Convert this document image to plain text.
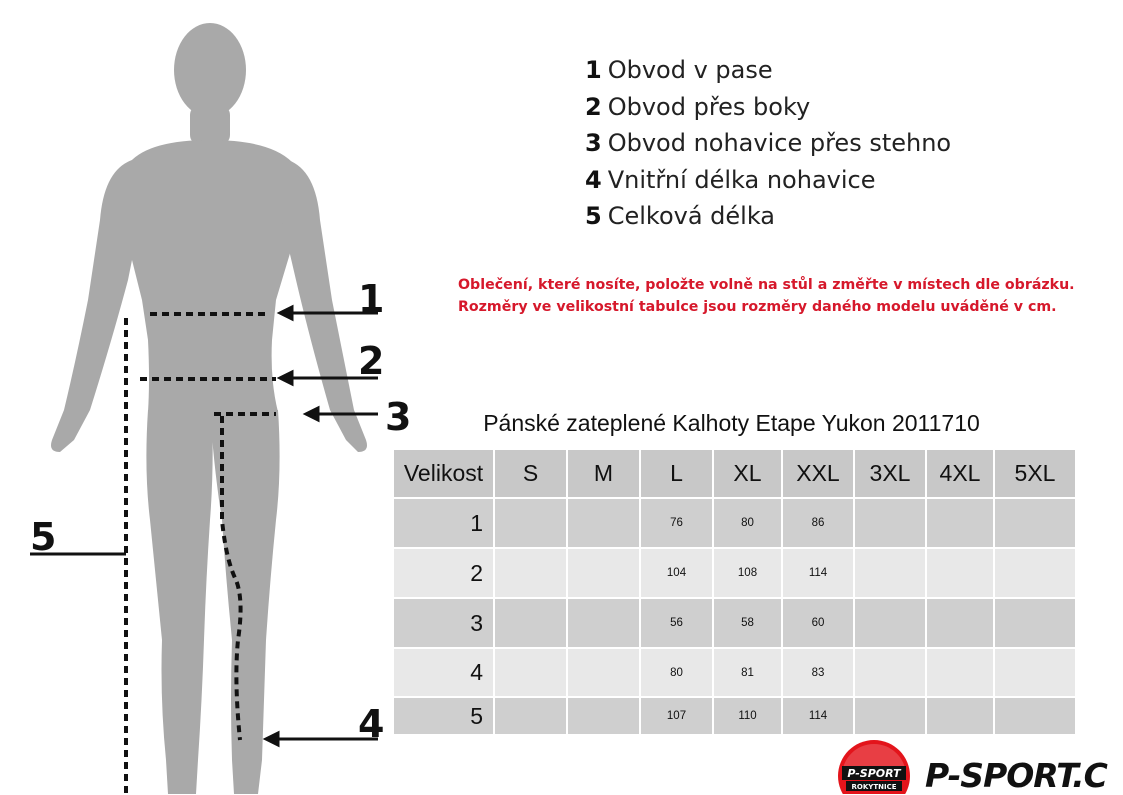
1
2
3
4
5
1 Obvod v pase
2 Obvod přes boky
3 Obvod nohavice přes stehno
4 Vnitřní délka nohavice
5 Celková délka
Oblečení, které nosíte, položte volně na stůl a změřte v místech dle obrázku.
Rozměry ve velikostní tabulce jsou rozměry daného modelu uváděné v cm.
Pánské zateplené Kalhoty Etape Yukon 2011710
Velikost	S	M	L	XL	XXL	3XL	4XL	5XL
1			76	80	86			
2			104	108	114			
3			56	58	60			
4			80	81	83			
5			107	110	114			
P-SPORT
ROKYTNICE P-SPORT.C
